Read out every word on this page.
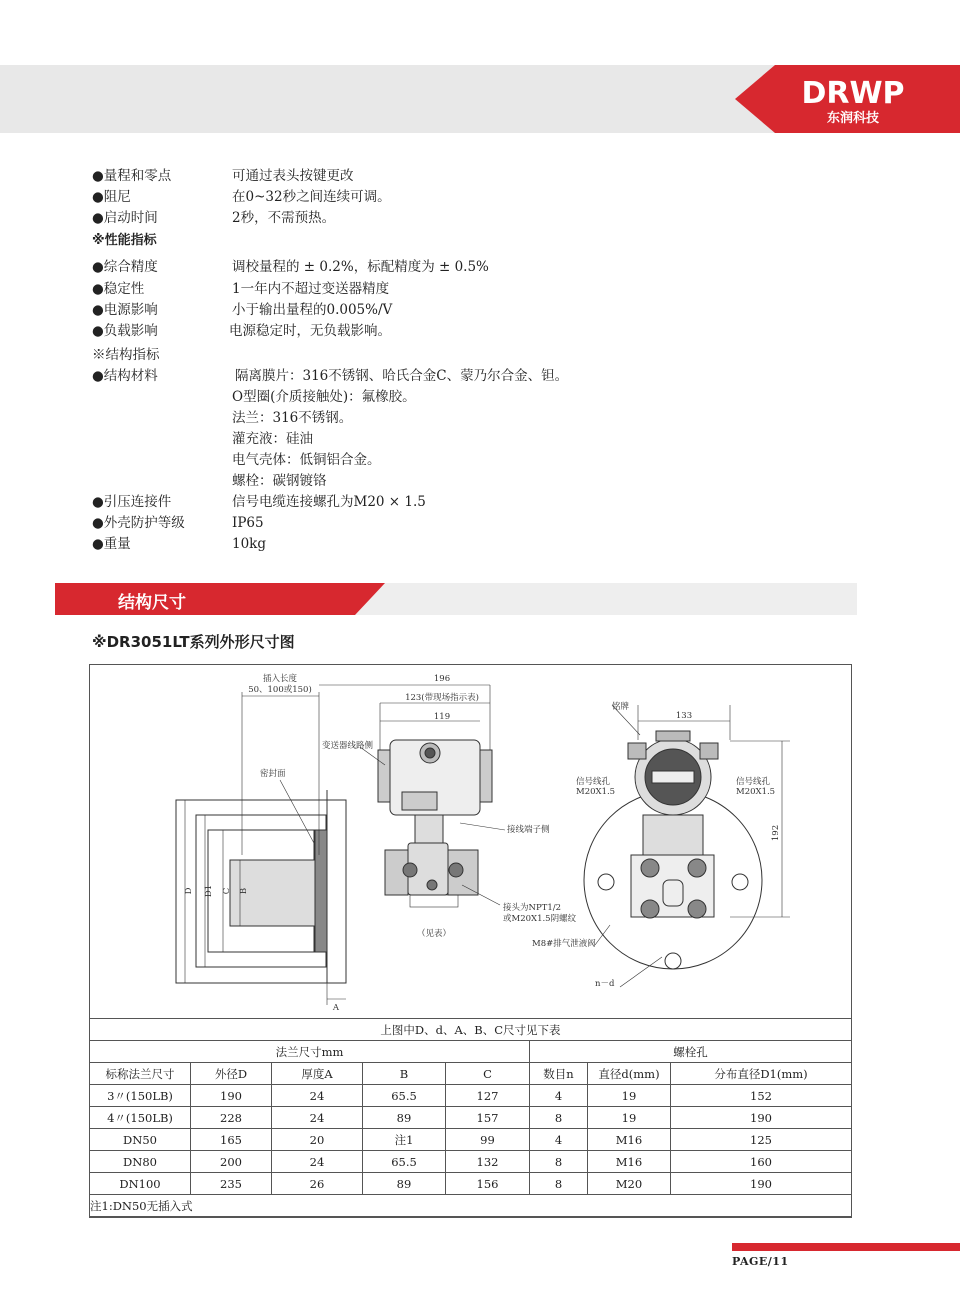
DRWP
东润科技
●量程和零点	可通过表头按键更改
●阻尼	在0~32秒之间连续可调。
●启动时间	2秒，不需预热。
※性能指标
●综合精度	调校量程的 ± 0.2%，标配精度为 ± 0.5%
●稳定性	1一年内不超过变送器精度
●电源影响	小于输出量程的0.005%/V
●负载影响	电源稳定时，无负载影响。
※结构指标
●结构材料	隔离膜片：316不锈钢、哈氏合金C、蒙乃尔合金、钽。
O型圈(介质接触处)：氟橡胶。
法兰：316不锈钢。
灌充液：硅油
电气壳体：低铜铝合金。
螺栓：碳钢镀铬
●引压连接件	信号电缆连接螺孔为M20 × 1.5
●外壳防护等级	IP65
●重量	10kg
结构尺寸
※DR3051LT系列外形尺寸图
插入长度
50、100或150)
196
123(带现场指示表)
119
变送器线路侧
密封面
接线端子侧
铭牌
133
信号线孔
M20X1.5
信号线孔
M20X1.5
192
接头为NPT1/2
或M20X1.5阴螺纹
（见表）
M8#排气泄液阀
n－d
D D1 C B
A
上图中D、d、A、B、C尺寸见下表							
法兰尺寸mm					螺栓孔		
标称法兰尺寸	外径D	厚度A	B	C	数目n	直径d(mm)	分布直径D1(mm)
3〃(150LB)	190	24	65.5	127	4	19	152
4〃(150LB)	228	24	89	157	8	19	190
DN50	165	20	注1	99	4	M16	125
DN80	200	24	65.5	132	8	M16	160
DN100	235	26	89	156	8	M20	190
注1:DN50无插入式							
PAGE/11
